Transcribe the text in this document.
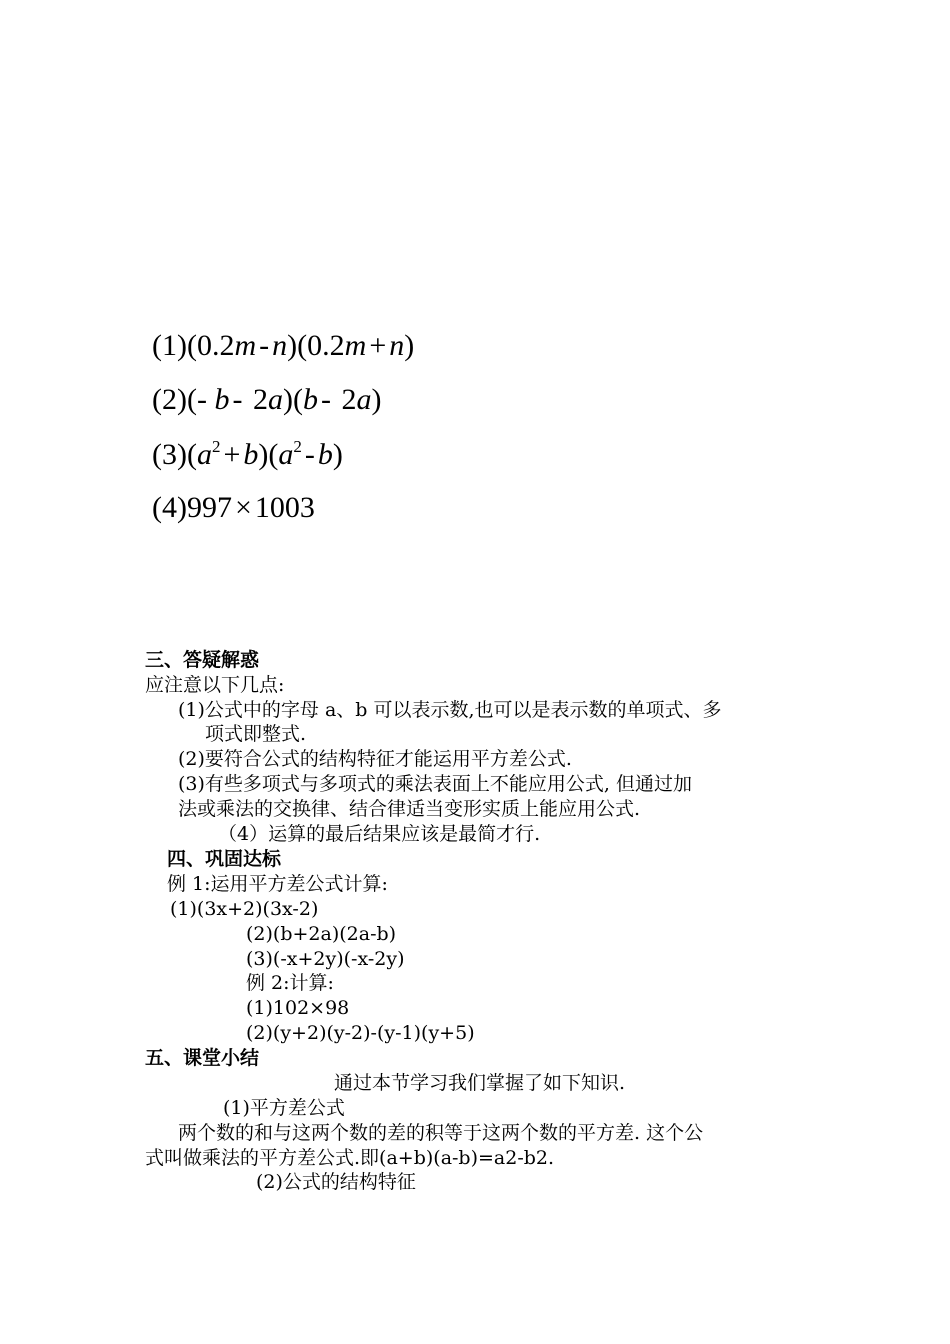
(1)(0.2m - n)(0.2m + n)
(2)(- b - 2a)(b - 2a)
$(3)(a^2 + b)(a^2 - b)$
(4)997 × 1003
三、答疑解惑
应注意以下几点:
(1)公式中的字母 a、b 可以表示数,也可以是表示数的单项式、多
项式即整式.
(2)要符合公式的结构特征才能运用平方差公式.
(3)有些多项式与多项式的乘法表面上不能应用公式, 但通过加
法或乘法的交换律、结合律适当变形实质上能应用公式.
（4）运算的最后结果应该是最简才行.
四、巩固达标
例 1:运用平方差公式计算:
(1)(3x+2)(3x-2)
(2)(b+2a)(2a-b)
(3)(-x+2y)(-x-2y)
例 2:计算:
(1)102×98
(2)(y+2)(y-2)-(y-1)(y+5)
五、课堂小结
通过本节学习我们掌握了如下知识.
(1)平方差公式
两个数的和与这两个数的差的积等于这两个数的平方差. 这个公
式叫做乘法的平方差公式.即(a+b)(a-b)=a2-b2.
(2)公式的结构特征
